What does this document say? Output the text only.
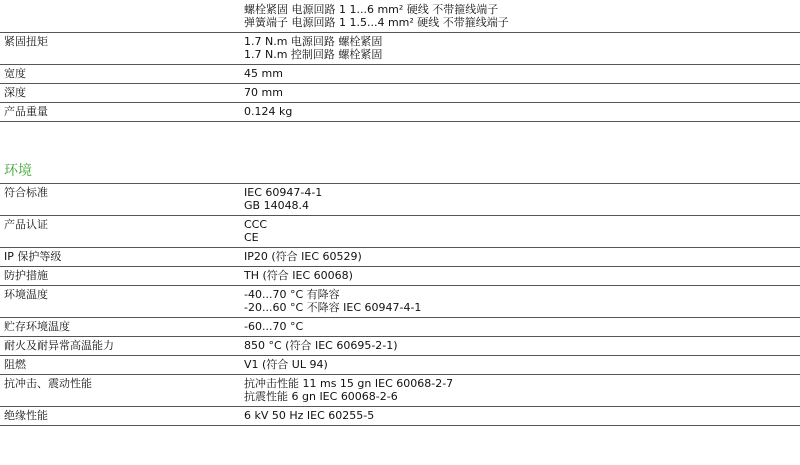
	螺栓紧固 电源回路 1 1...6 mm² 硬线 不带箍线端子
弹簧端子 电源回路 1 1.5...4 mm² 硬线 不带箍线端子

紧固扭矩	1.7 N.m 电源回路 螺栓紧固
1.7 N.m 控制回路 螺栓紧固

宽度	45 mm

深度	70 mm

产品重量	0.124 kg
环境
符合标准	IEC 60947-4-1
GB 14048.4

产品认证	CCC
CE

IP 保护等级	IP20 (符合 IEC 60529)

防护措施	TH (符合 IEC 60068)

环境温度	-40...70 °C 有降容
-20...60 °C 不降容 IEC 60947-4-1

贮存环境温度	-60...70 °C

耐火及耐异常高温能力	850 °C (符合 IEC 60695-2-1)

阻燃	V1 (符合 UL 94)

抗冲击、震动性能	抗冲击性能 11 ms 15 gn IEC 60068-2-7
抗震性能 6 gn IEC 60068-2-6

绝缘性能	6 kV 50 Hz IEC 60255-5
